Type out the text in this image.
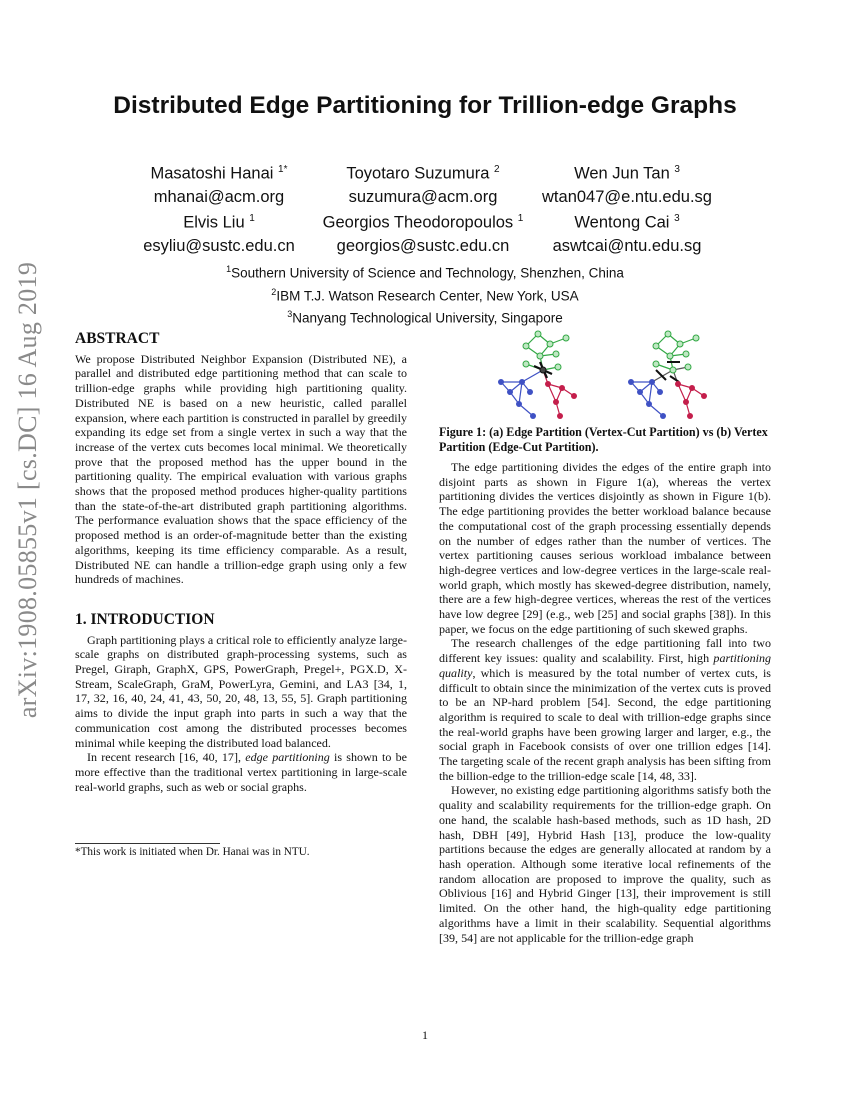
arXiv:1908.05855v1 [cs.DC] 16 Aug 2019
Distributed Edge Partitioning for Trillion-edge Graphs
Masatoshi Hanai $^{1*}$
mhanai@acm.org
Toyotaro Suzumura $^2$
suzumura@acm.org
Wen Jun Tan $^3$
wtan047@e.ntu.edu.sg
Elvis Liu $^1$
esyliu@sustc.edu.cn
Georgios Theodoropoulos $^1$
georgios@sustc.edu.cn
Wentong Cai $^3$
aswtcai@ntu.edu.sg
$^1$Southern University of Science and Technology, Shenzhen, China
$^2$IBM T.J. Watson Research Center, New York, USA
$^3$Nanyang Technological University, Singapore
ABSTRACT

We propose Distributed Neighbor Expansion (Distributed NE), a parallel and distributed edge partitioning method that can scale to trillion-edge graphs while providing high partitioning quality. Distributed NE is based on a new heuristic, called parallel expansion, where each partition is constructed in parallel by greedily expanding its edge set from a single vertex in such a way that the increase of the vertex cuts becomes local minimal. We theoretically prove that the proposed method has the upper bound in the partitioning quality. The empirical evaluation with various graphs shows that the proposed method produces higher-quality partitions than the state-of-the-art distributed graph partitioning algorithms. The performance evaluation shows that the space efficiency of the proposed method is an order-of-magnitude better than the existing algorithms, keeping its time efficiency comparable. As a result, Distributed NE can handle a trillion-edge graph using only a few hundreds of machines.

1. INTRODUCTION

Graph partitioning plays a critical role to efficiently analyze large-scale graphs on distributed graph-processing systems, such as Pregel, Giraph, GraphX, GPS, PowerGraph, Pregel+, PGX.D, X-Stream, ScaleGraph, GraM, PowerLyra, Gemini, and LA3 [34, 1, 17, 32, 16, 40, 24, 41, 43, 50, 20, 48, 13, 55, 5]. Graph partitioning aims to divide the input graph into parts in such a way that the communication cost among the distributed processes becomes minimal while keeping the distributed load balanced.

In recent research [16, 40, 17], edge partitioning is shown to be more effective than the traditional vertex partitioning in large-scale real-world graphs, such as web or social graphs.

*This work is initiated when Dr. Hanai was in NTU.
Figure 1: (a) Edge Partition (Vertex-Cut Partition) vs (b) Vertex Partition (Edge-Cut Partition).

The edge partitioning divides the edges of the entire graph into disjoint parts as shown in Figure 1(a), whereas the vertex partitioning divides the vertices disjointly as shown in Figure 1(b). The edge partitioning provides the better workload balance because the computational cost of the graph processing essentially depends on the number of edges rather than the number of vertices. The vertex partitioning causes serious workload imbalance between high-degree vertices and low-degree vertices in the large-scale real-world graph, which mostly has skewed-degree distribution, namely, there are a few high-degree vertices, whereas the rest of the vertices have low degree [29] (e.g., web [25] and social graphs [38]). In this paper, we focus on the edge partitioning of such skewed graphs.

The research challenges of the edge partitioning fall into two different key issues: quality and scalability. First, high partitioning quality, which is measured by the total number of vertex cuts, is difficult to obtain since the minimization of the vertex cuts is proved to be an NP-hard problem [54]. Second, the edge partitioning algorithm is required to scale to deal with trillion-edge graphs since the real-world graphs have been growing larger and larger, e.g., the social graph in Facebook consists of over one trillion edges [14]. The targeting scale of the recent graph analysis has been sifting from the billion-edge to the trillion-edge scale [14, 48, 33].

However, no existing edge partitioning algorithms satisfy both the quality and scalability requirements for the trillion-edge graph. On one hand, the scalable hash-based methods, such as 1D hash, 2D hash, DBH [49], Hybrid Hash [13], produce the low-quality partitions because the edges are generally allocated at random by a hash operation. Although some iterative local refinements of the random allocation are proposed to improve the quality, such as Oblivious [16] and Hybrid Ginger [13], their improvement is still limited. On the other hand, the high-quality edge partitioning algorithms have a limit in their scalability. Sequential algorithms [39, 54] are not applicable for the trillion-edge graph

1
